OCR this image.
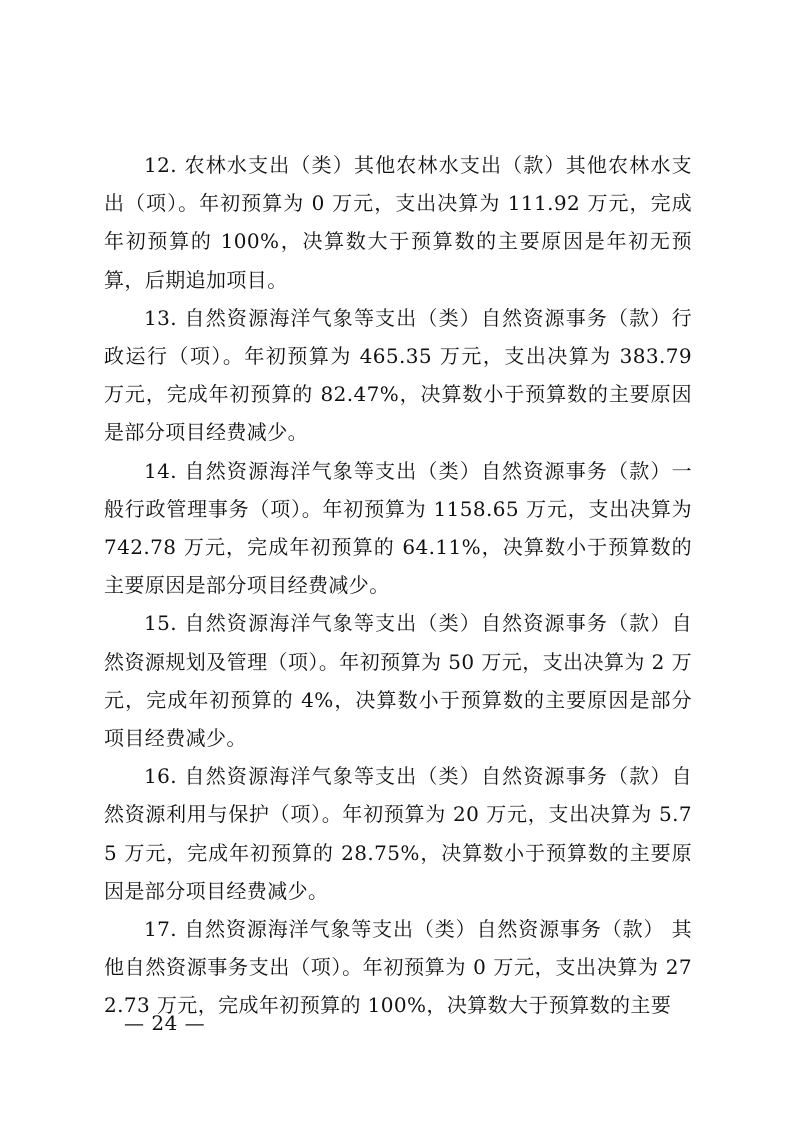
12. 农林水支出（类）其他农林水支出（款）其他农林水支出（项）。年初预算为 0 万元，支出决算为 111.92 万元，完成年初预算的 100%，决算数大于预算数的主要原因是年初无预算，后期追加项目。

13. 自然资源海洋气象等支出（类）自然资源事务（款）行政运行（项）。年初预算为 465.35 万元，支出决算为 383.79 万元，完成年初预算的 82.47%，决算数小于预算数的主要原因是部分项目经费减少。

14. 自然资源海洋气象等支出（类）自然资源事务（款）一般行政管理事务（项）。年初预算为 1158.65 万元，支出决算为 742.78 万元，完成年初预算的 64.11%，决算数小于预算数的主要原因是部分项目经费减少。

15. 自然资源海洋气象等支出（类）自然资源事务（款）自然资源规划及管理（项）。年初预算为 50 万元，支出决算为 2 万元，完成年初预算的 4%，决算数小于预算数的主要原因是部分项目经费减少。

16. 自然资源海洋气象等支出（类）自然资源事务（款）自然资源利用与保护（项）。年初预算为 20 万元，支出决算为 5.75 万元，完成年初预算的 28.75%，决算数小于预算数的主要原因是部分项目经费减少。

17. 自然资源海洋气象等支出（类）自然资源事务（款） 其他自然资源事务支出（项）。年初预算为 0 万元，支出决算为 272.73 万元，完成年初预算的 100%，决算数大于预算数的主要

— 24 —
